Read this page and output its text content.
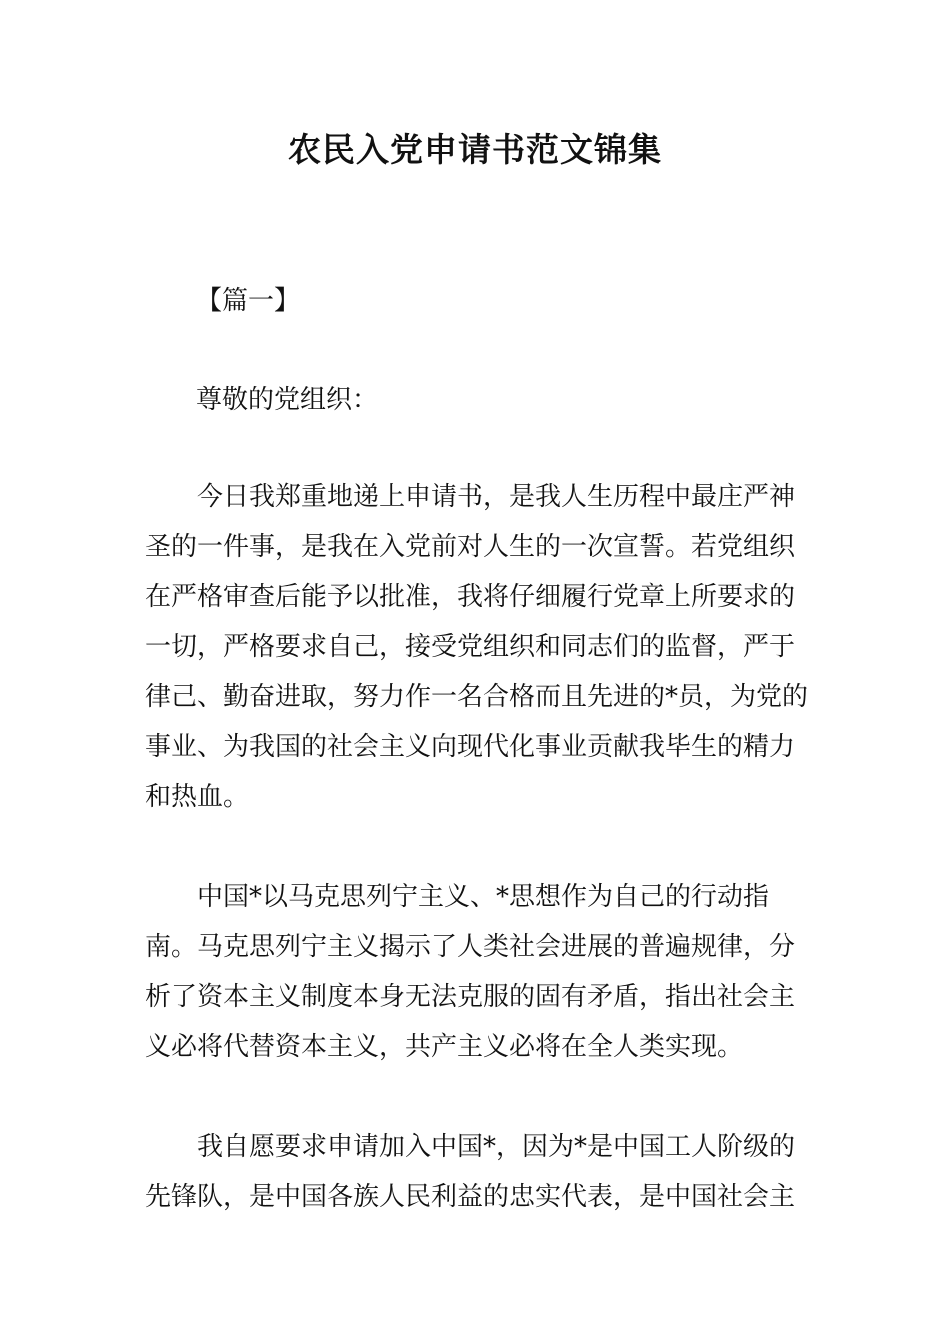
农民入党申请书范文锦集
【篇一】
尊敬的党组织：

今日我郑重地递上申请书，是我人生历程中最庄严神圣的一件事，是我在入党前对人生的一次宣誓。若党组织在严格审查后能予以批准，我将仔细履行党章上所要求的一切，严格要求自己，接受党组织和同志们的监督，严于律己、勤奋进取，努力作一名合格而且先进的*员，为党的事业、为我国的社会主义向现代化事业贡献我毕生的精力和热血。

中国*以马克思列宁主义、*思想作为自己的行动指南。马克思列宁主义揭示了人类社会进展的普遍规律，分析了资本主义制度本身无法克服的固有矛盾，指出社会主义必将代替资本主义，共产主义必将在全人类实现。

我自愿要求申请加入中国*，因为*是中国工人阶级的先锋队，是中国各族人民利益的忠实代表，是中国社会主
